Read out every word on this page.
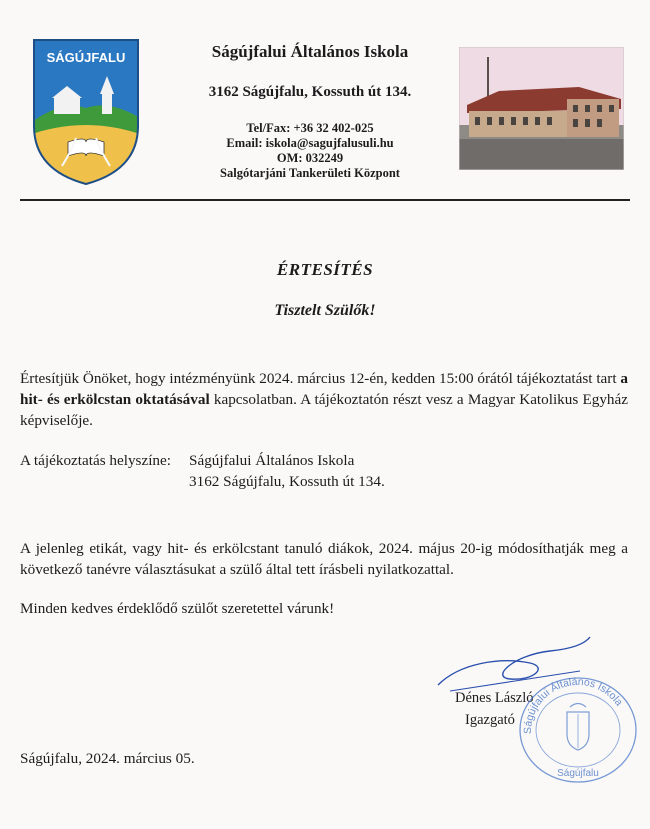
SÁGÚJFALU	Ságújfalui Általános Iskola
3162 Ságújfalu, Kossuth út 134.
Tel/Fax: +36 32 402-025
Email: iskola@sagujfalusuli.hu
OM: 032249
Salgótarjáni Tankerületi Központ
ÉRTESÍTÉS
Tisztelt Szülők!
Értesítjük Önöket, hogy intézményünk 2024. március 12-én, kedden 15:00 órától tájékoztatást tart a hit- és erkölcstan oktatásával kapcsolatban. A tájékoztatón részt vesz a Magyar Katolikus Egyház képviselője.
A tájékoztatás helyszíne: Ságújfalui Általános Iskola
3162 Ságújfalu, Kossuth út 134.
A jelenleg etikát, vagy hit- és erkölcstant tanuló diákok, 2024. május 20-ig módosíthatják meg a következő tanévre választásukat a szülő által tett írásbeli nyilatkozattal.
Minden kedves érdeklődő szülőt szeretettel várunk!
Dénes László
Igazgató
Ságújfalui Általános Iskola
Ságújfalu
Ságújfalu, 2024. március 05.
